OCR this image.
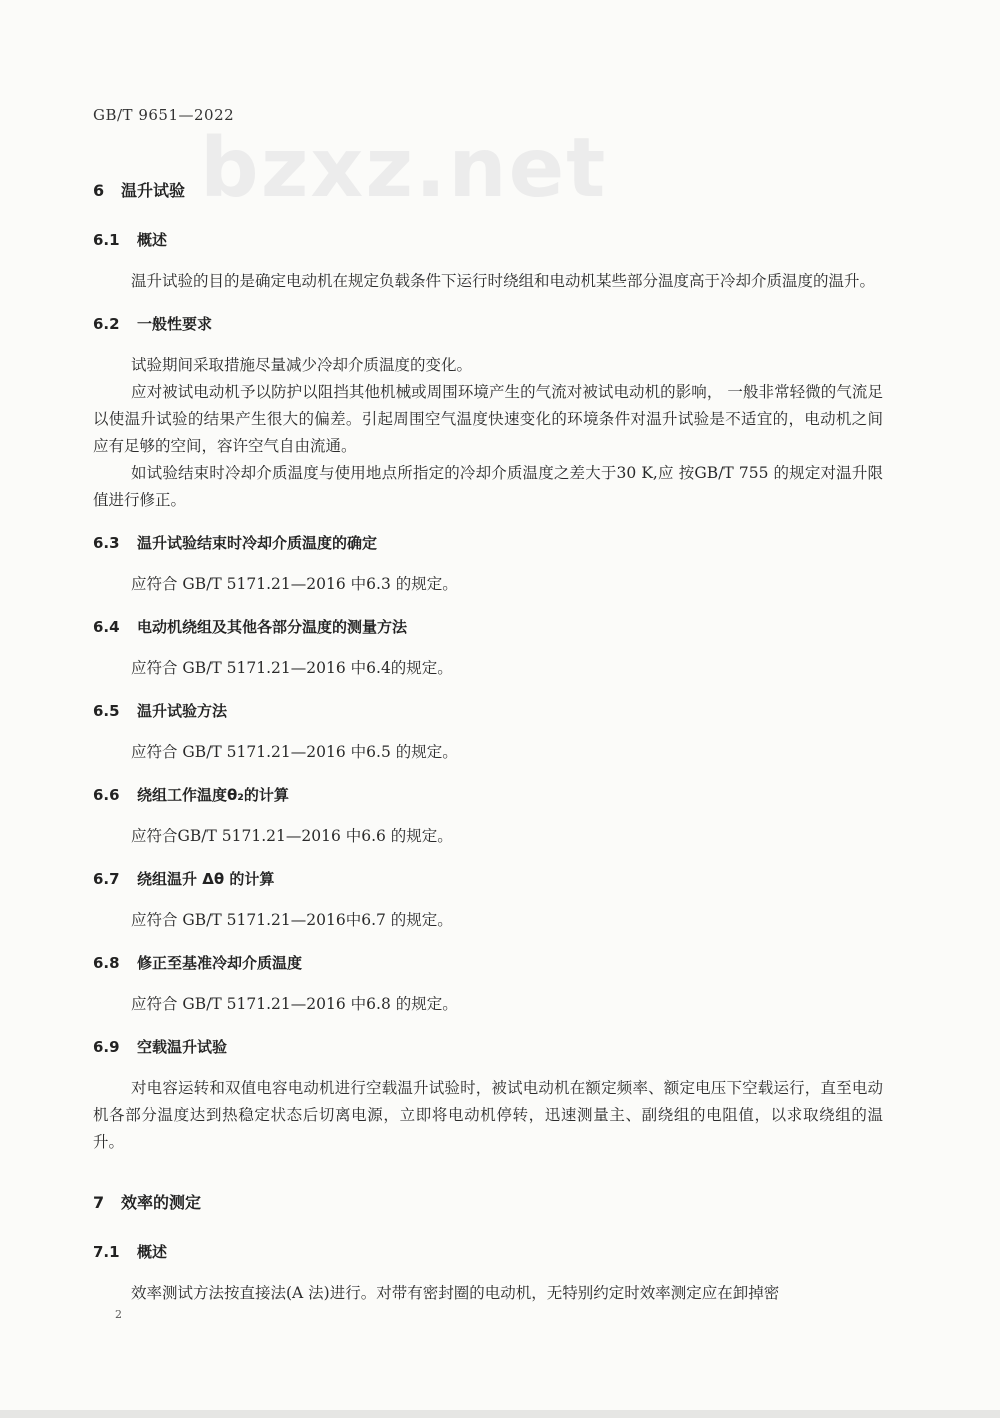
GB/T 9651—2022
bzxz.net
6 温升试验
6.1 概述

温升试验的目的是确定电动机在规定负载条件下运行时绕组和电动机某些部分温度高于冷却介质温度的温升。

6.2 一般性要求

试验期间采取措施尽量减少冷却介质温度的变化。

应对被试电动机予以防护以阻挡其他机械或周围环境产生的气流对被试电动机的影响， 一般非常轻微的气流足以使温升试验的结果产生很大的偏差。引起周围空气温度快速变化的环境条件对温升试验是不适宜的，电动机之间应有足够的空间，容许空气自由流通。

如试验结束时冷却介质温度与使用地点所指定的冷却介质温度之差大于30 K,应 按GB/T 755 的规定对温升限值进行修正。

6.3 温升试验结束时冷却介质温度的确定

应符合 GB/T 5171.21—2016 中6.3 的规定。

6.4 电动机绕组及其他各部分温度的测量方法

应符合 GB/T 5171.21—2016 中6.4的规定。

6.5 温升试验方法

应符合 GB/T 5171.21—2016 中6.5 的规定。

6.6 绕组工作温度θ₂的计算

应符合GB/T 5171.21—2016 中6.6 的规定。

6.7 绕组温升 Δθ 的计算

应符合 GB/T 5171.21—2016中6.7 的规定。

6.8 修正至基准冷却介质温度

应符合 GB/T 5171.21—2016 中6.8 的规定。

6.9 空载温升试验

对电容运转和双值电容电动机进行空载温升试验时，被试电动机在额定频率、额定电压下空载运行，直至电动机各部分温度达到热稳定状态后切离电源，立即将电动机停转，迅速测量主、副绕组的电阻值，以求取绕组的温升。

7 效率的测定
7.1 概述

效率测试方法按直接法(A 法)进行。对带有密封圈的电动机，无特别约定时效率测定应在卸掉密

2
